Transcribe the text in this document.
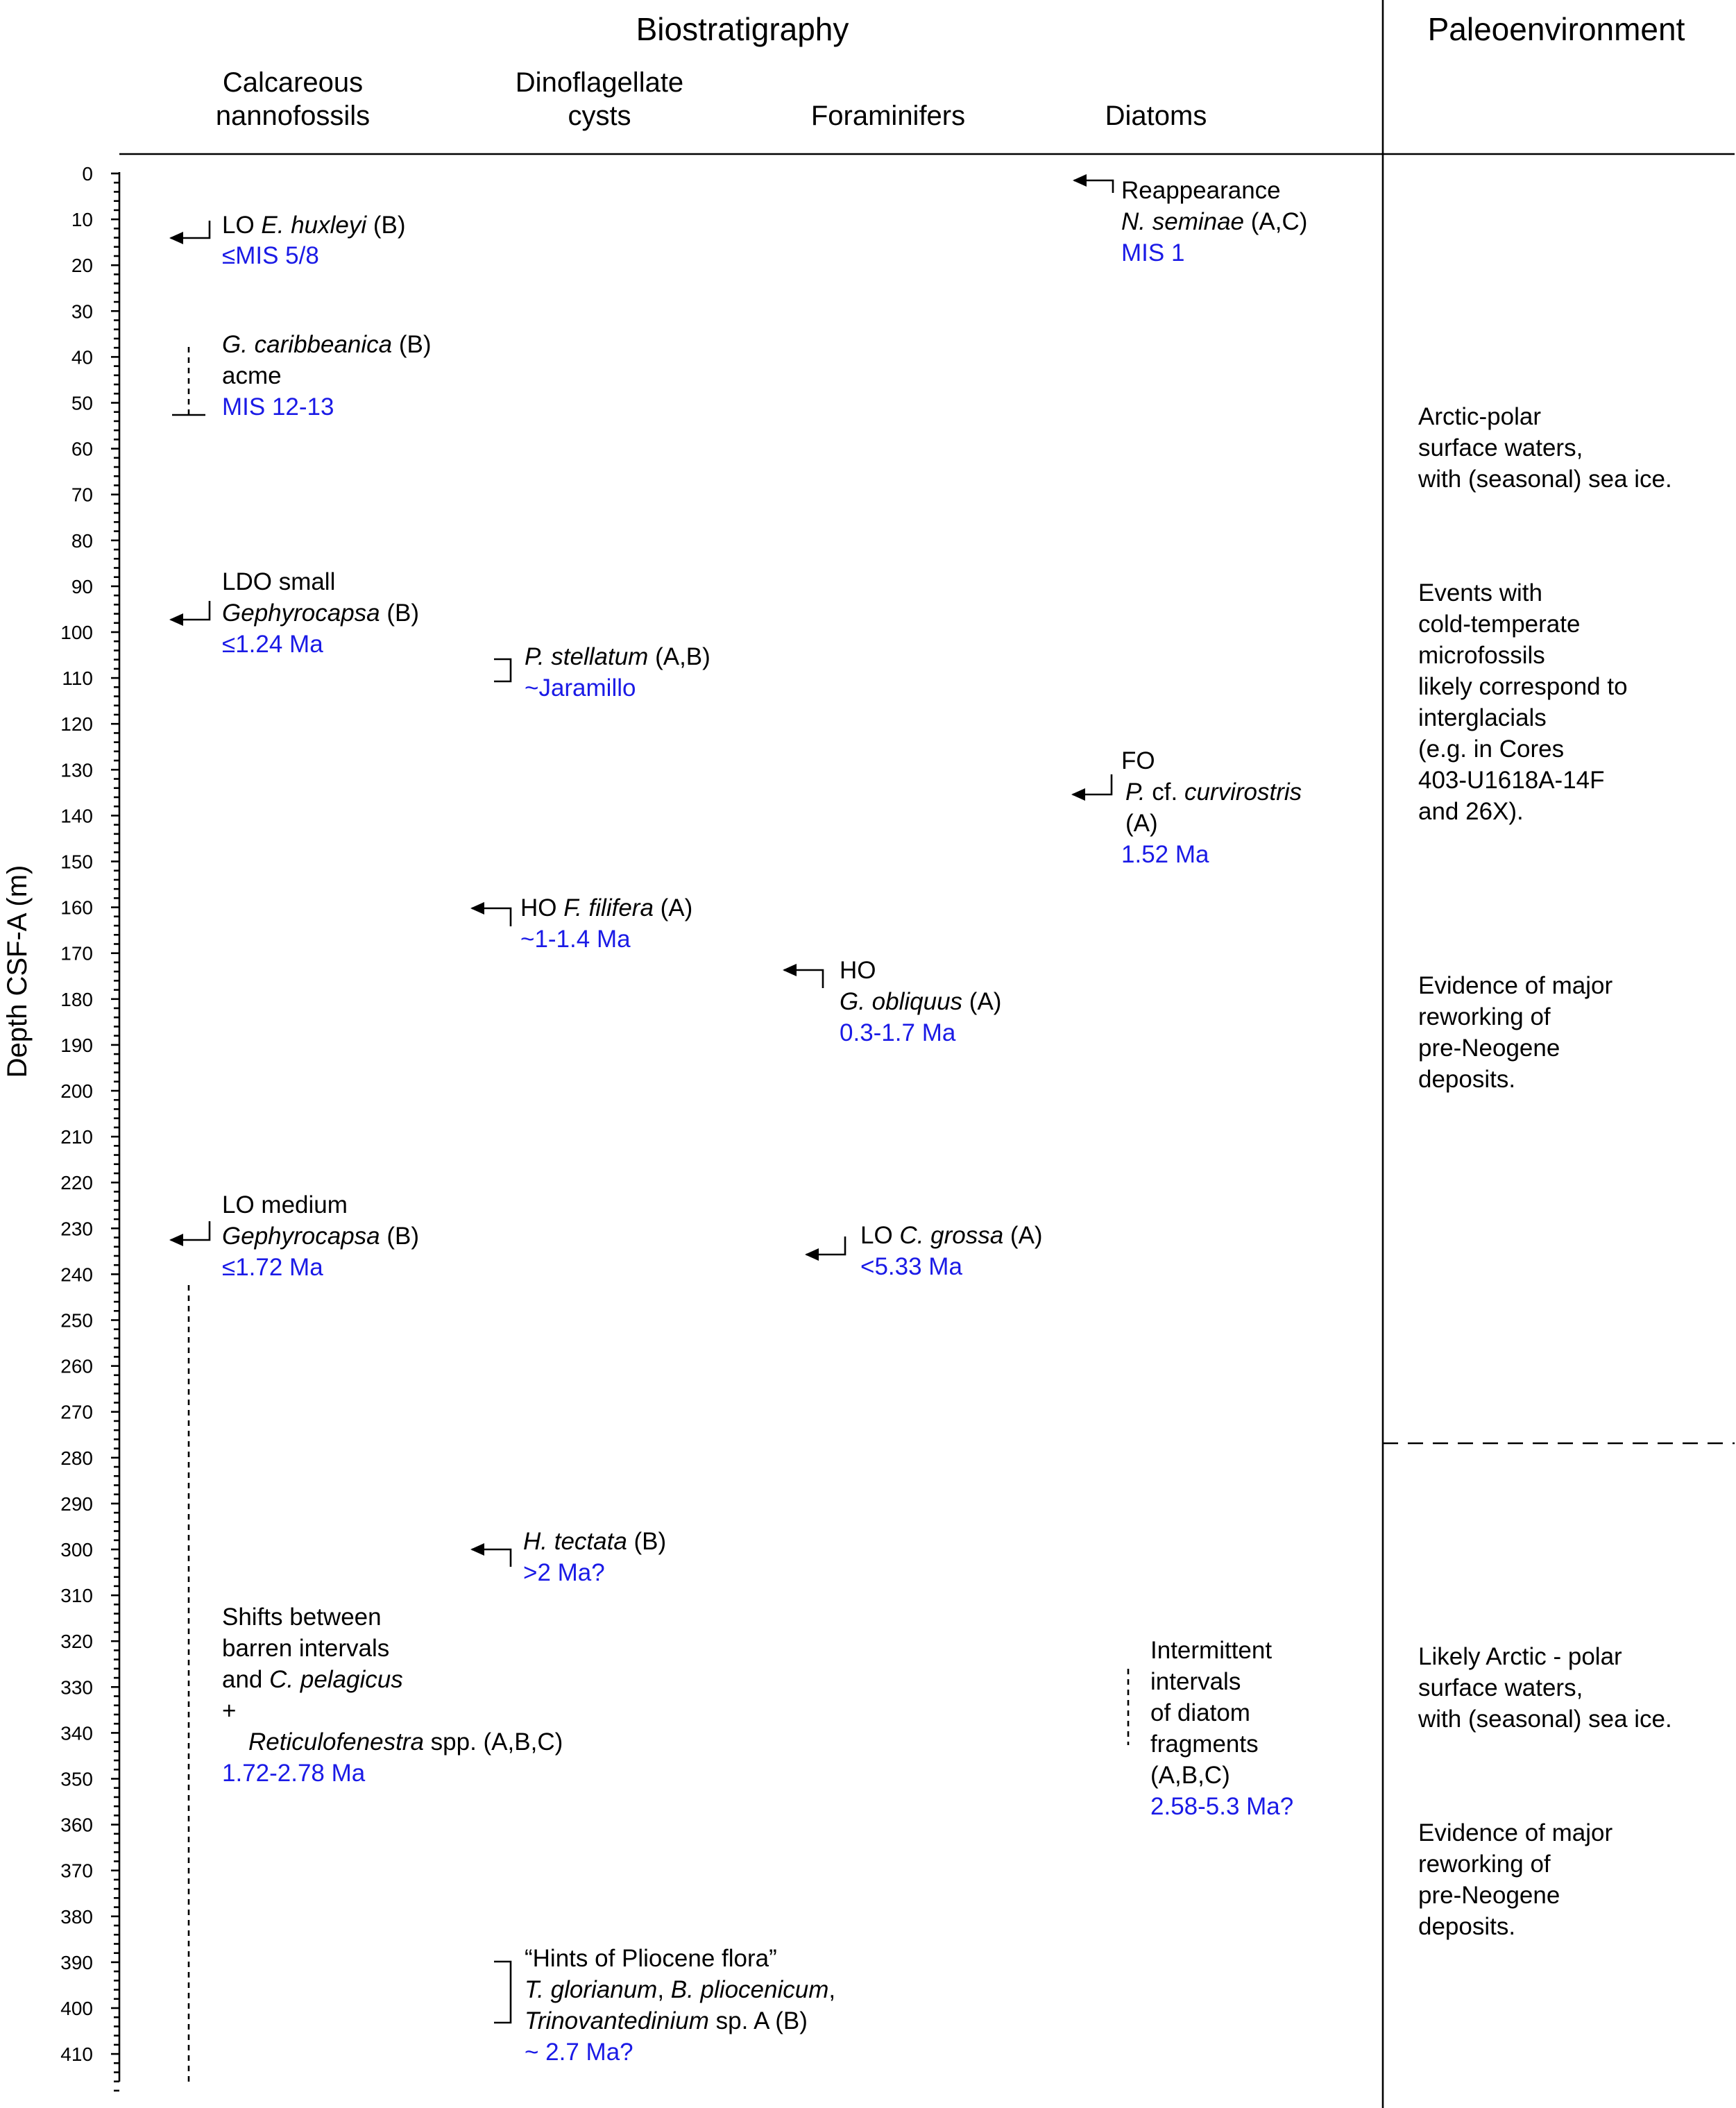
Biostratigraphy	Paleoenvironment
Calcareous
nannofossils
Dinoflagellate
cysts	Foraminifers	Diatoms
0
10
20
30
40
50
60
70
80
90
100
110
120
130
140
150
160
170
180
190
200
210
220
230
240
250
260
270
280
290
300
310
320
330
340
350
360
370
380
390
400
410
Depth CSF-A (m)
LO E. huxleyi (B)
≤MIS 5/8
G. caribbeanica (B)
acme
MIS 12-13
LDO small
Gephyrocapsa (B)
≤1.24 Ma
LO medium
Gephyrocapsa (B)
≤1.72 Ma
Shifts between
barren intervals
and C. pelagicus
+
Reticulofenestra spp. (A,B,C)
1.72-2.78 Ma
P. stellatum (A,B)
~Jaramillo
HO F. filifera (A)
~1-1.4 Ma
H. tectata (B)
>2 Ma?
“Hints of Pliocene flora”
T. glorianum, B. pliocenicum,
Trinovantedinium sp. A (B)
~ 2.7 Ma?
HO
G. obliquus (A)
0.3-1.7 Ma
LO C. grossa (A)
<5.33 Ma
Reappearance
N. seminae (A,C)
MIS 1
FO
P. cf. curvirostris
(A)
1.52 Ma
Intermittent
intervals
of diatom
fragments
(A,B,C)
2.58-5.3 Ma?
Arctic-polar surface waters, with (seasonal) sea ice.
Events with cold-temperate microfossils likely correspond to interglacials (e.g. in Cores 403-U1618A-14F and 26X).
Evidence of major reworking of pre-Neogene deposits.
Likely Arctic - polar surface waters, with (seasonal) sea ice.
Evidence of major reworking of pre-Neogene deposits.
